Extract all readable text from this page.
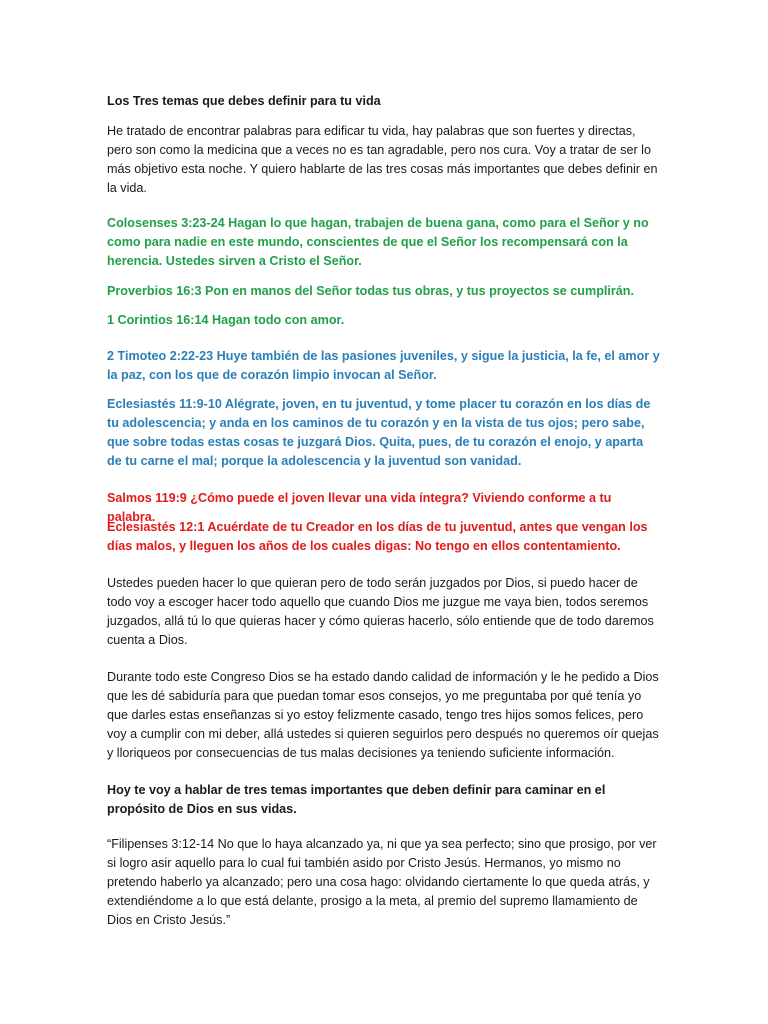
Los Tres temas que debes definir para tu vida

He tratado de encontrar palabras para edificar tu vida, hay palabras que son fuertes y directas, pero son como la medicina que a veces no es tan agradable, pero nos cura. Voy a tratar de ser lo más objetivo esta noche. Y quiero hablarte de las tres cosas más importantes que debes definir en la vida.

Colosenses 3:23-24 Hagan lo que hagan, trabajen de buena gana, como para el Señor y no como para nadie en este mundo, conscientes de que el Señor los recompensará con la herencia. Ustedes sirven a Cristo el Señor.

Proverbios 16:3 Pon en manos del Señor todas tus obras, y tus proyectos se cumplirán.

1 Corintios 16:14 Hagan todo con amor.

2 Timoteo 2:22-23 Huye también de las pasiones juveniles, y sigue la justicia, la fe, el amor y la paz, con los que de corazón limpio invocan al Señor.

Eclesiastés 11:9-10 Alégrate, joven, en tu juventud, y tome placer tu corazón en los días de tu adolescencia; y anda en los caminos de tu corazón y en la vista de tus ojos; pero sabe, que sobre todas estas cosas te juzgará Dios. Quita, pues, de tu corazón el enojo, y aparta de tu carne el mal; porque la adolescencia y la juventud son vanidad.

Salmos 119:9 ¿Cómo puede el joven llevar una vida íntegra? Viviendo conforme a tu palabra.

Eclesiastés 12:1 Acuérdate de tu Creador en los días de tu juventud, antes que vengan los días malos, y lleguen los años de los cuales digas: No tengo en ellos contentamiento.

Ustedes pueden hacer lo que quieran pero de todo serán juzgados por Dios, si puedo hacer de todo voy a escoger hacer todo aquello que cuando Dios me juzgue me vaya bien, todos seremos juzgados, allá tú lo que quieras hacer y cómo quieras hacerlo, sólo entiende que de todo daremos cuenta a Dios.

Durante todo este Congreso Dios se ha estado dando calidad de información y le he pedido a Dios que les dé sabiduría para que puedan tomar esos consejos, yo me preguntaba por qué tenía yo que darles estas enseñanzas si yo estoy felizmente casado, tengo tres hijos somos felices, pero voy a cumplir con mi deber, allá ustedes si quieren seguirlos pero después no queremos oír quejas y lloriqueos por consecuencias de tus malas decisiones ya teniendo suficiente información.

Hoy te voy a hablar de tres temas importantes que deben definir para caminar en el propósito de Dios en sus vidas.

“Filipenses 3:12-14 No que lo haya alcanzado ya, ni que ya sea perfecto; sino que prosigo, por ver si logro asir aquello para lo cual fui también asido por Cristo Jesús. Hermanos, yo mismo no pretendo haberlo ya alcanzado; pero una cosa hago: olvidando ciertamente lo que queda atrás, y extendiéndome a lo que está delante, prosigo a la meta, al premio del supremo llamamiento de Dios en Cristo Jesús.”
